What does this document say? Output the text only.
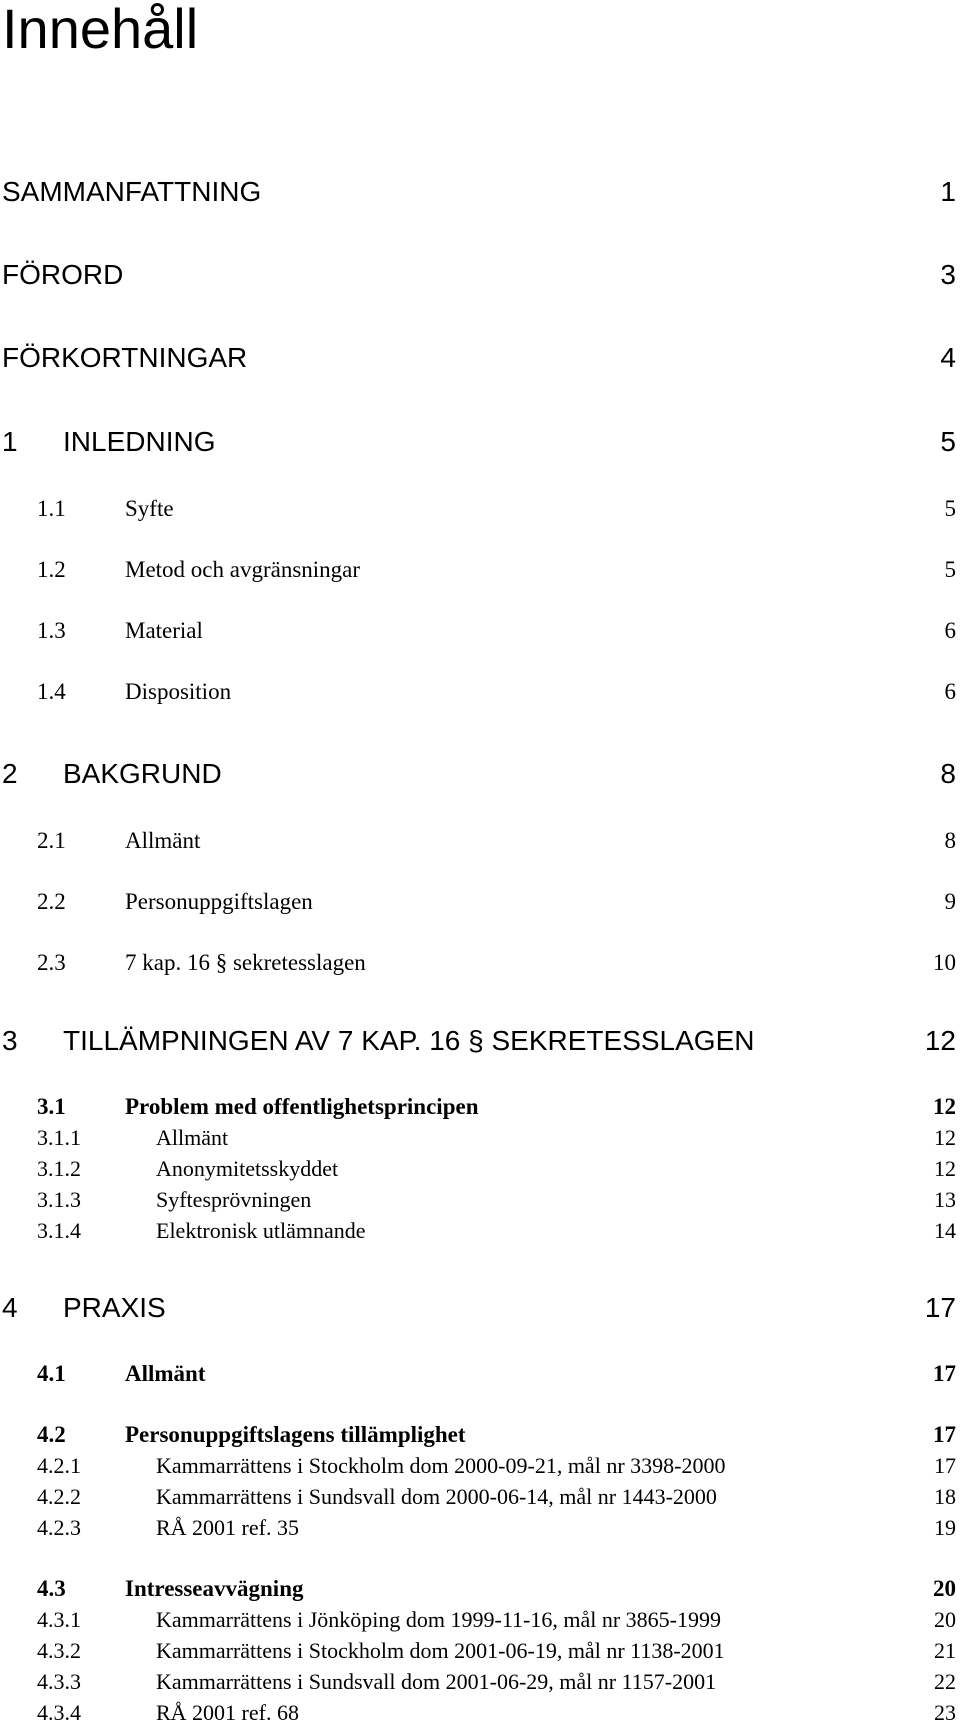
Innehåll
SAMMANFATTNING	1
FÖRORD	3
FÖRKORTNINGAR	4
1 INLEDNING	5
1.1	Syfte	5
1.2	Metod och avgränsningar	5
1.3	Material	6
1.4	Disposition	6
2 BAKGRUND	8
2.1	Allmänt	8
2.2	Personuppgiftslagen	9
2.3	7 kap. 16 § sekretesslagen	10
3 TILLÄMPNINGEN AV 7 KAP. 16 § SEKRETESSLAGEN	12
3.1	Problem med offentlighetsprincipen	12
3.1.1	Allmänt	12
3.1.2	Anonymitetsskyddet	12
3.1.3	Syftesprövningen	13
3.1.4	Elektronisk utlämnande	14
4 PRAXIS	17
4.1	Allmänt	17
4.2	Personuppgiftslagens tillämplighet	17
4.2.1	Kammarrättens i Stockholm dom 2000-09-21, mål nr 3398-2000	17
4.2.2	Kammarrättens i Sundsvall dom 2000-06-14, mål nr 1443-2000	18
4.2.3	RÅ 2001 ref. 35	19
4.3	Intresseavvägning	20
4.3.1	Kammarrättens i Jönköping dom 1999-11-16, mål nr 3865-1999	20
4.3.2	Kammarrättens i Stockholm dom 2001-06-19, mål nr 1138-2001	21
4.3.3	Kammarrättens i Sundsvall dom 2001-06-29, mål nr 1157-2001	22
4.3.4	RÅ 2001 ref. 68	23
